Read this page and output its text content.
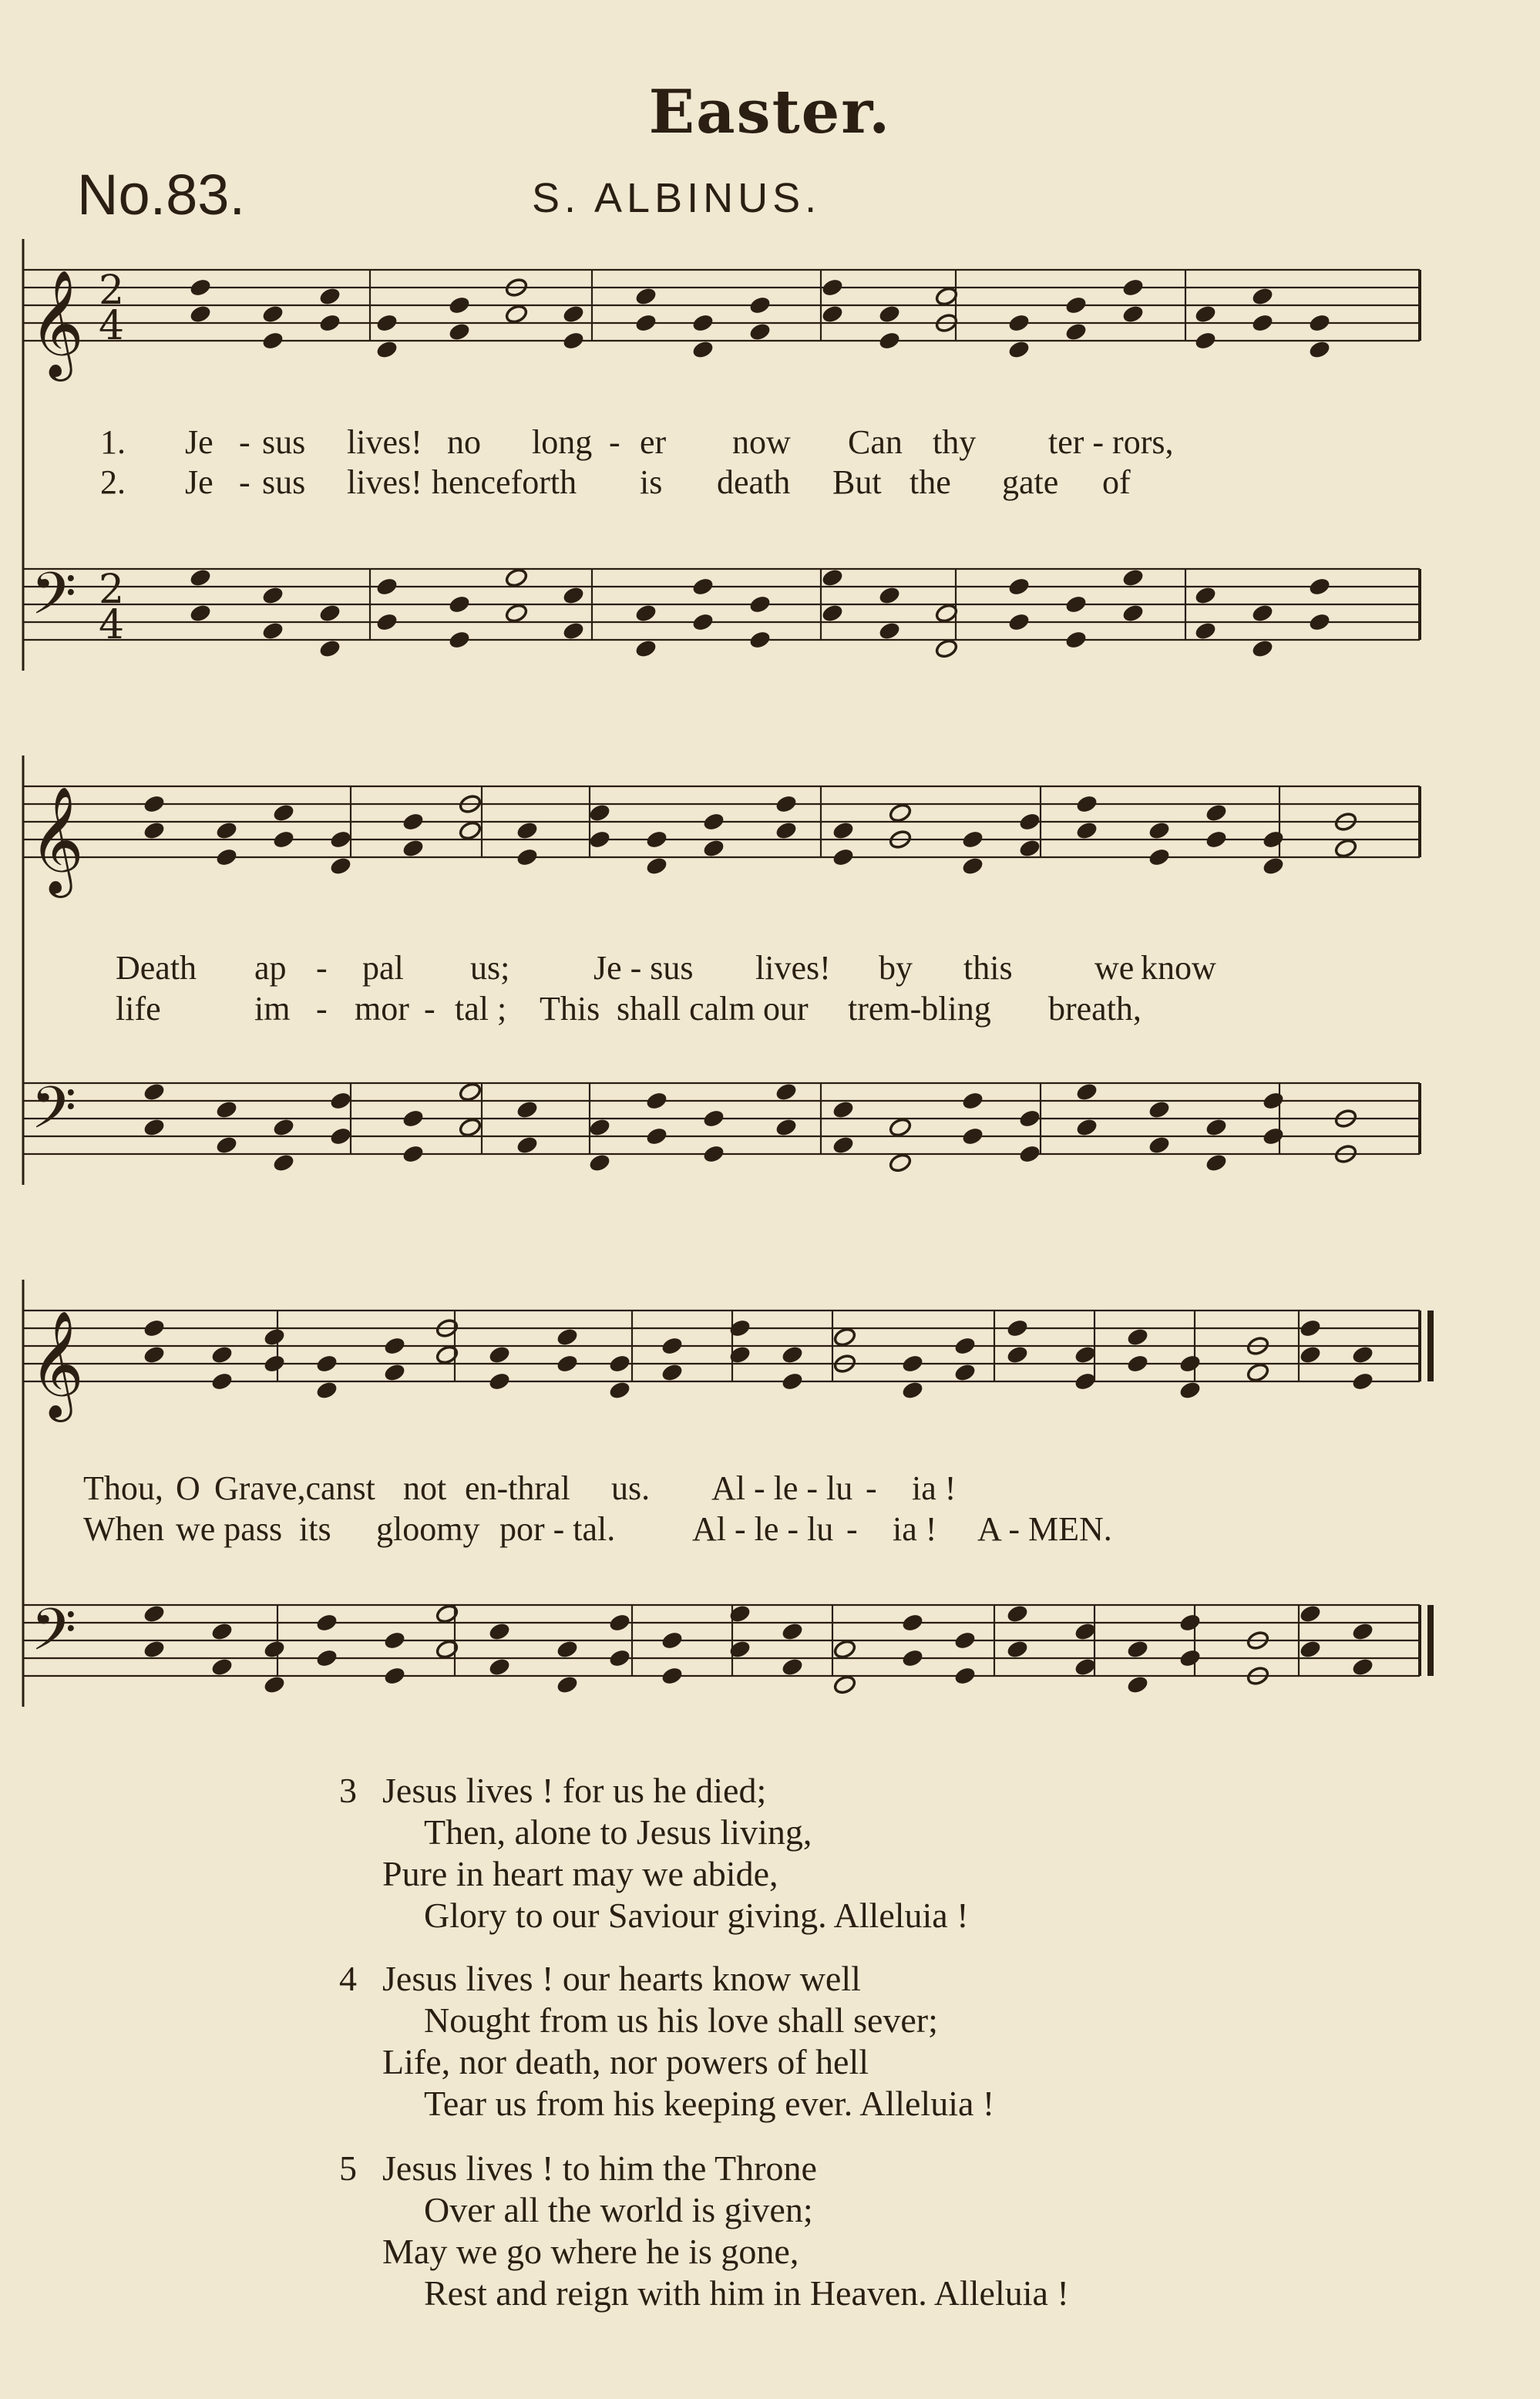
Easter.
No.83.	S. ALBINUS.
𝄞
𝄢
2
4
2
4
𝄞
𝄢
𝄞
𝄢
1. Je - sus lives! no long - er now Can thy ter - rors,
2. Je - sus lives! henceforth is death But the gate of
Death ap - pal us; Je - sus lives! by this we know
life	im - mor - tal ; This shall calm our trem-bling breath,
Thou, O Grave,canst not en-thral us. Al - le - lu - ia !
When we pass its gloomy por - tal. Al - le - lu - ia ! A - MEN.
3 Jesus lives ! for us he died;
Then, alone to Jesus living,
Pure in heart may we abide,
Glory to our Saviour giving. Alleluia !
4 Jesus lives ! our hearts know well
Nought from us his love shall sever;
Life, nor death, nor powers of hell
Tear us from his keeping ever. Alleluia !
5 Jesus lives ! to him the Throne
Over all the world is given;
May we go where he is gone,
Rest and reign with him in Heaven. Alleluia !
